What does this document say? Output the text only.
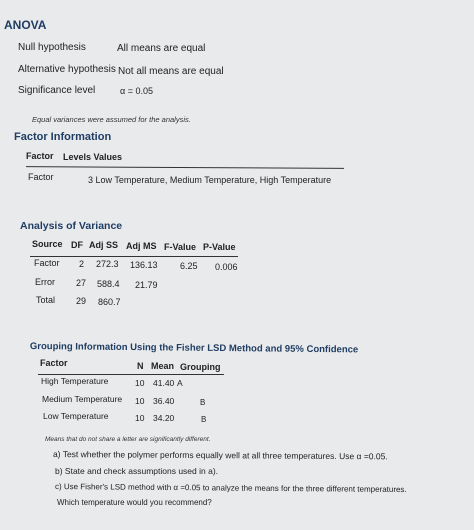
ANOVA
Null hypothesis	All means are equal
Alternative hypothesis Not all means are equal
Significance level	α = 0.05
Equal variances were assumed for the analysis.
Factor Information
Factor Levels Values
Factor	3 Low Temperature, Medium Temperature, High Temperature
Analysis of Variance
Source DF Adj SS Adj MS F-Value P-Value
Factor 2 272.3 136.13 6.25 0.006
Error 27 588.4 21.79
Total 29 860.7
Grouping Information Using the Fisher LSD Method and 95% Confidence
Factor	N Mean Grouping
High Temperature	10 41.40 A
Medium Temperature 10 36.40	B
Low Temperature	10 34.20	B
Means that do not share a letter are significantly different.
a) Test whether the polymer performs equally well at all three temperatures. Use α =0.05.
b) State and check assumptions used in a).
c) Use Fisher's LSD method with α =0.05 to analyze the means for the three different temperatures.
Which temperature would you recommend?
